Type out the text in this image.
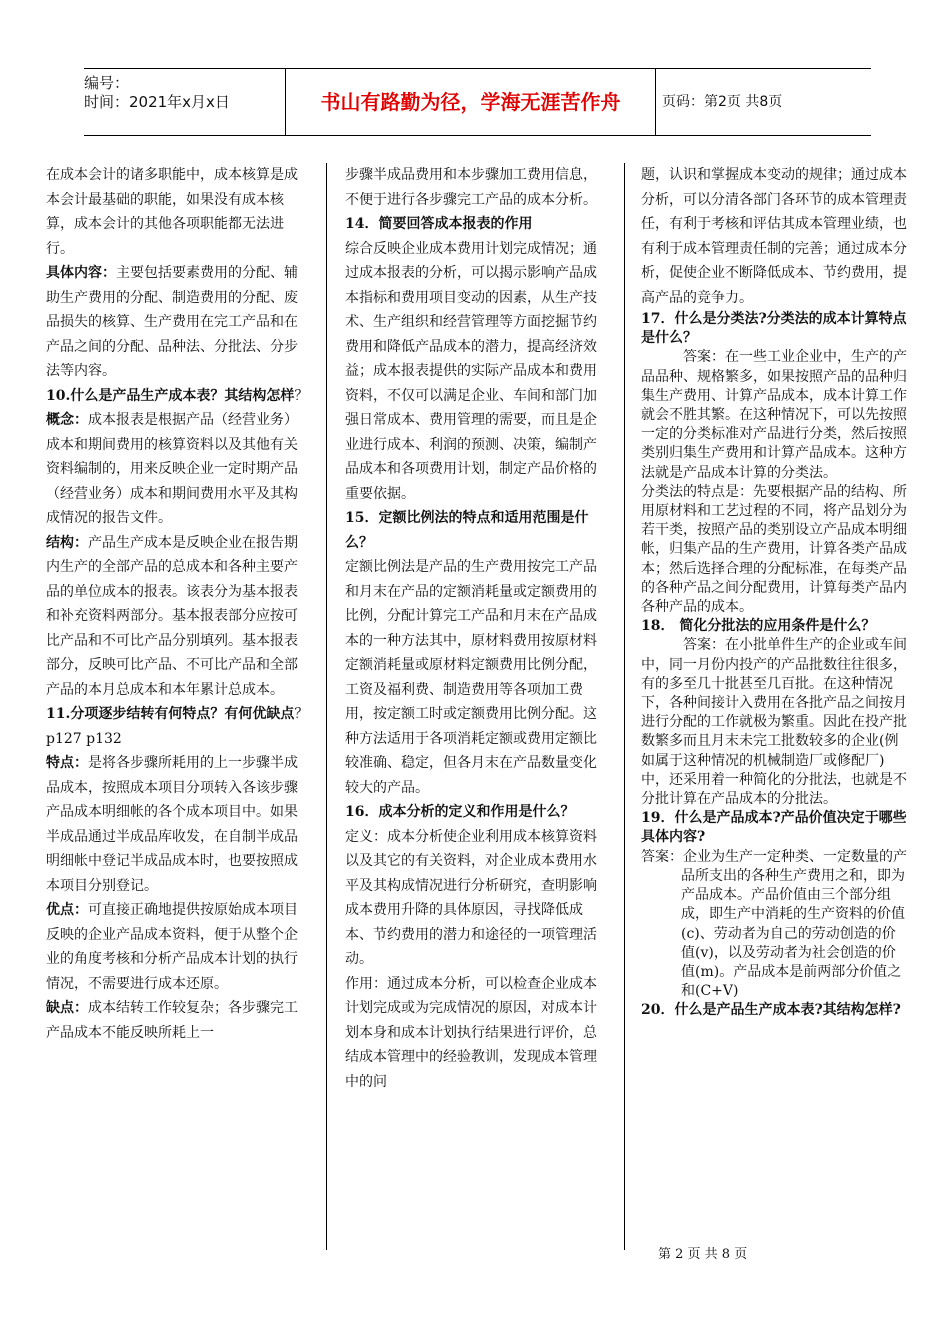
编号：
时间：2021年x月x日	书山有路勤为径，学海无涯苦作舟	页码：第2页 共8页

在成本会计的诸多职能中，成本核算是成本会计最基础的职能，如果没有成本核算，成本会计的其他各项职能都无法进行。

具体内容：主要包括要素费用的分配、辅助生产费用的分配、制造费用的分配、废品损失的核算、生产费用在完工产品和在产品之间的分配、品种法、分批法、分步法等内容。

10.什么是产品生产成本表？其结构怎样？

概念：成本报表是根据产品（经营业务）成本和期间费用的核算资料以及其他有关资料编制的，用来反映企业一定时期产品（经营业务）成本和期间费用水平及其构成情况的报告文件。

结构：产品生产成本是反映企业在报告期内生产的全部产品的总成本和各种主要产品的单位成本的报表。该表分为基本报表和补充资料两部分。基本报表部分应按可比产品和不可比产品分别填列。基本报表部分，反映可比产品、不可比产品和全部产品的本月总成本和本年累计总成本。

11.分项逐步结转有何特点？有何优缺点？p127 p132

特点：是将各步骤所耗用的上一步骤半成品成本，按照成本项目分项转入各该步骤产品成本明细帐的各个成本项目中。如果半成品通过半成品库收发，在自制半成品明细帐中登记半成品成本时，也要按照成本项目分别登记。

优点：可直接正确地提供按原始成本项目反映的企业产品成本资料，便于从整个企业的角度考核和分析产品成本计划的执行情况，不需要进行成本还原。

缺点：成本结转工作较复杂；各步骤完工产品成本不能反映所耗上一

步骤半成品费用和本步骤加工费用信息，不便于进行各步骤完工产品的成本分析。

14．简要回答成本报表的作用

综合反映企业成本费用计划完成情况；通过成本报表的分析，可以揭示影响产品成本指标和费用项目变动的因素，从生产技术、生产组织和经营管理等方面挖掘节约费用和降低产品成本的潜力，提高经济效益；成本报表提供的实际产品成本和费用资料，不仅可以满足企业、车间和部门加强日常成本、费用管理的需要，而且是企业进行成本、利润的预测、决策，编制产品成本和各项费用计划，制定产品价格的重要依据。

15．定额比例法的特点和适用范围是什么？

定额比例法是产品的生产费用按完工产品和月末在产品的定额消耗量或定额费用的比例，分配计算完工产品和月末在产品成本的一种方法其中，原材料费用按原材料定额消耗量或原材料定额费用比例分配，工资及福利费、制造费用等各项加工费用，按定额工时或定额费用比例分配。这种方法适用于各项消耗定额或费用定额比较准确、稳定，但各月末在产品数量变化较大的产品。

16．成本分析的定义和作用是什么？

定义：成本分析使企业利用成本核算资料以及其它的有关资料，对企业成本费用水平及其构成情况进行分析研究，查明影响成本费用升降的具体原因，寻找降低成本、节约费用的潜力和途径的一项管理活动。

作用：通过成本分析，可以检查企业成本计划完成或为完成情况的原因，对成本计划本身和成本计划执行结果进行评价，总结成本管理中的经验教训，发现成本管理中的问

题，认识和掌握成本变动的规律；通过成本分析，可以分清各部门各环节的成本管理责任，有利于考核和评估其成本管理业绩，也有利于成本管理责任制的完善；通过成本分析，促使企业不断降低成本、节约费用，提高产品的竞争力。

17．什么是分类法?分类法的成本计算特点是什么？

答案：在一些工业企业中，生产的产品品种、规格繁多，如果按照产品的品种归集生产费用、计算产品成本，成本计算工作就会不胜其繁。在这种情况下，可以先按照一定的分类标准对产品进行分类，然后按照类别归集生产费用和计算产品成本。这种方法就是产品成本计算的分类法。

分类法的特点是：先要根据产品的结构、所用原材料和工艺过程的不同，将产品划分为若干类，按照产品的类别设立产品成本明细帐，归集产品的生产费用，计算各类产品成本；然后选择合理的分配标准，在每类产品的各种产品之间分配费用，计算每类产品内各种产品的成本。

18． 简化分批法的应用条件是什么？

答案：在小批单件生产的企业或车间中，同一月份内投产的产品批数往往很多，有的多至几十批甚至几百批。在这种情况下，各种间接计入费用在各批产品之间按月进行分配的工作就极为繁重。因此在投产批数繁多而且月末未完工批数较多的企业(例如属于这种情况的机械制造厂或修配厂)中，还采用着一种简化的分批法，也就是不分批计算在产品成本的分批法。

19．什么是产品成本?产品价值决定于哪些具体内容?

答案：企业为生产一定种类、一定数量的产品所支出的各种生产费用之和，即为产品成本。产品价值由三个部分组成，即生产中消耗的生产资料的价值(c)、劳动者为自己的劳动创造的价值(v)，以及劳动者为社会创造的价值(m)。产品成本是前两部分价值之和(C+V)

20．什么是产品生产成本表?其结构怎样?

第 2 页 共 8 页
